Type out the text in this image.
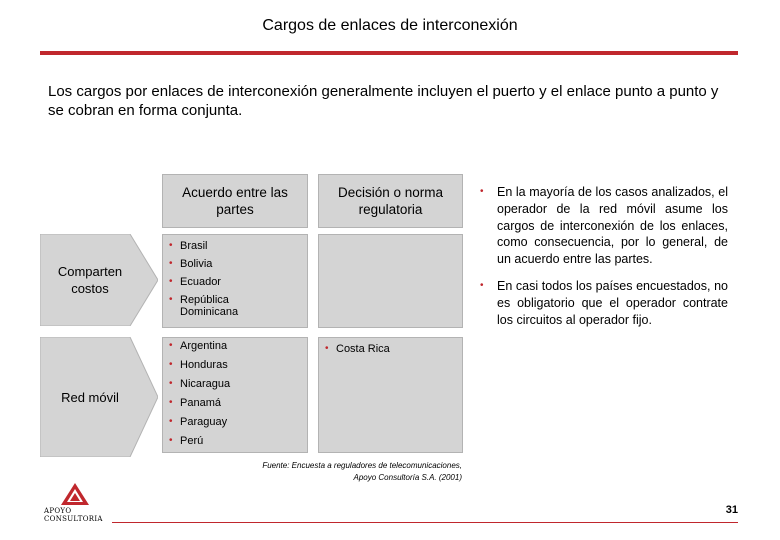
Cargos de enlaces de interconexión
Los cargos por enlaces de interconexión generalmente incluyen el puerto y el enlace punto a punto y se cobran en forma conjunta.
Acuerdo entre las partes
Decisión o norma regulatoria
Comparten costos
Red móvil
• Brasil
• Bolivia
• Ecuador
• República Dominicana
• Argentina
• Honduras
• Nicaragua
• Panamá
• Paraguay
• Perú
• Costa Rica

• En la mayoría de los casos analizados, el operador de la red móvil asume los cargos de interconexión de los enlaces, como consecuencia, por lo general, de un acuerdo entre las partes.

• En casi todos los países encuestados, no es obligatorio que el operador contrate los circuitos al operador fijo.

Fuente: Encuesta a reguladores de telecomunicaciones,
Apoyo Consultoría S.A. (2001)
APOYO
CONSULTORIA
31
